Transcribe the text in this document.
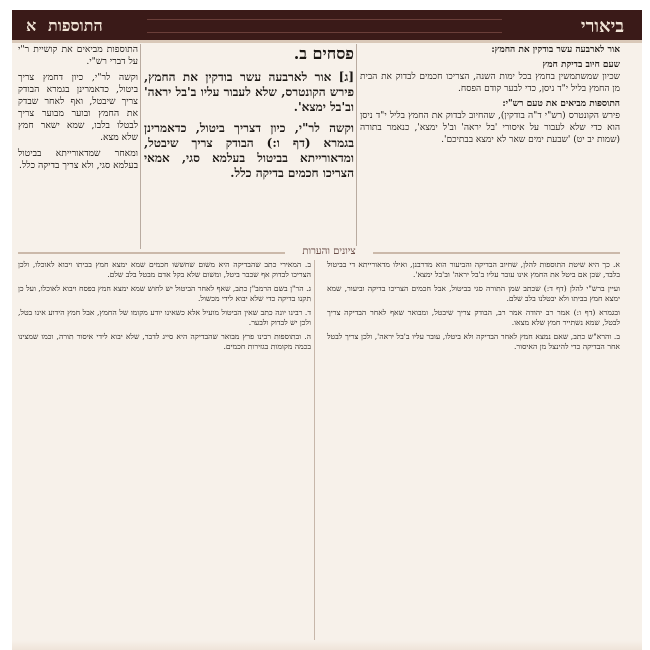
ביאורי
התוספות
א

התוספות מביאים את קושיית ר"י על דברי רש"י.

וקשה לר"י, כיון דחמץ צריך ביטול, כדאמרינן בגמרא הבודק צריך שיבטל, ואף לאחר שבדק את החמץ ובוער מבוער צריך לבטלו בלבו, שמא ישאר חמץ שלא מצא.

ומאחר שמדאורייתא בביטול בעלמא סגי, ולא צריך בדיקה כלל.

פסחים ב.

[ג] אור לארבעה עשר בודקין את החמץ, פירש הקונטרס, שלא לעבור עליו ב'בל יראה' וב'בל ימצא'.

וקשה לר"י, כיון דצריך ביטול, כדאמרינן בגמרא (דף ו:) הבודק צריך שיבטל, ומדאורייתא בביטול בעלמא סגי, אמאי הצריכו חכמים בדיקה כלל.

אור לארבעה עשר בודקין את החמץ:

שעם חיוב בדיקת חמץ

שכיון שמשתמשין בחמץ בכל ימות השנה, הצריכו חכמים לבדוק את הבית מן החמץ בליל י"ד ניסן, כדי לבער קודם הפסח.

התוספות מביאים את טעם רש"י:

פירש הקונטרס (רש"י ד"ה בודקין), שהחיוב לבדוק את החמץ בליל י"ד ניסן הוא כדי שלא לעבור על איסורי 'בל יראה' וב'ל ימצא', כנאמר בתורה (שמות יב יט) 'שבעת ימים שאר לא ימצא בבתיכם'.

ציונים והערות

ב. המאירי כתב שהבדיקה היא משום שחששו חכמים שמא ימצא חמץ בביתו ויבוא לאוכלו, ולכן הצריכו לבדוק אף שכבר ביטל, ומשום שלא בקל אדם מבטל בלב שלם.

ג. הר"ן בשם הרמב"ן כתב, שאף לאחר הביטול יש לחוש שמא ימצא חמץ בפסח ויבוא לאוכלו, ועל כן תקנו בדיקה כדי שלא יבוא לידי מכשול.

ד. רבינו יונה כתב שאין הביטול מועיל אלא כשאינו יודע מקומו של החמץ, אבל חמץ הידוע אינו בטל, ולכן יש לבדוק ולבער.

ה. ובתוספות רבינו פרץ מבואר שהבדיקה היא סייג לדבר, שלא יבוא לידי איסור תורה, וכמו שמצינו בכמה מקומות בגזירות חכמים.

א. כך היא שיטת התוספות להלן, שחיוב הבדיקה והביעור הוא מדרבנן, ואילו מדאורייתא די בביטול בלבד, שכן אם ביטל את החמץ אינו עובר עליו ב'בל יראה' וב'בל ימצא'.

ועיין ברש"י להלן (דף ד:) שכתב שמן התורה סגי בביטול, אבל חכמים הצריכו בדיקה וביעור, שמא ימצא חמץ בביתו ולא יבטלנו בלב שלם.

ובגמרא (דף ו:) אמר רב יהודה אמר רב, הבודק צריך שיבטל, ומבואר שאף לאחר הבדיקה צריך לבטל, שמא נשתייר חמץ שלא מצאו.

ב. והרא"ש כתב, שאם נמצא חמץ לאחר הבדיקה ולא ביטלו, עובר עליו ב'בל יראה', ולכן צריך לבטל אחר הבדיקה כדי להינצל מן האיסור.
